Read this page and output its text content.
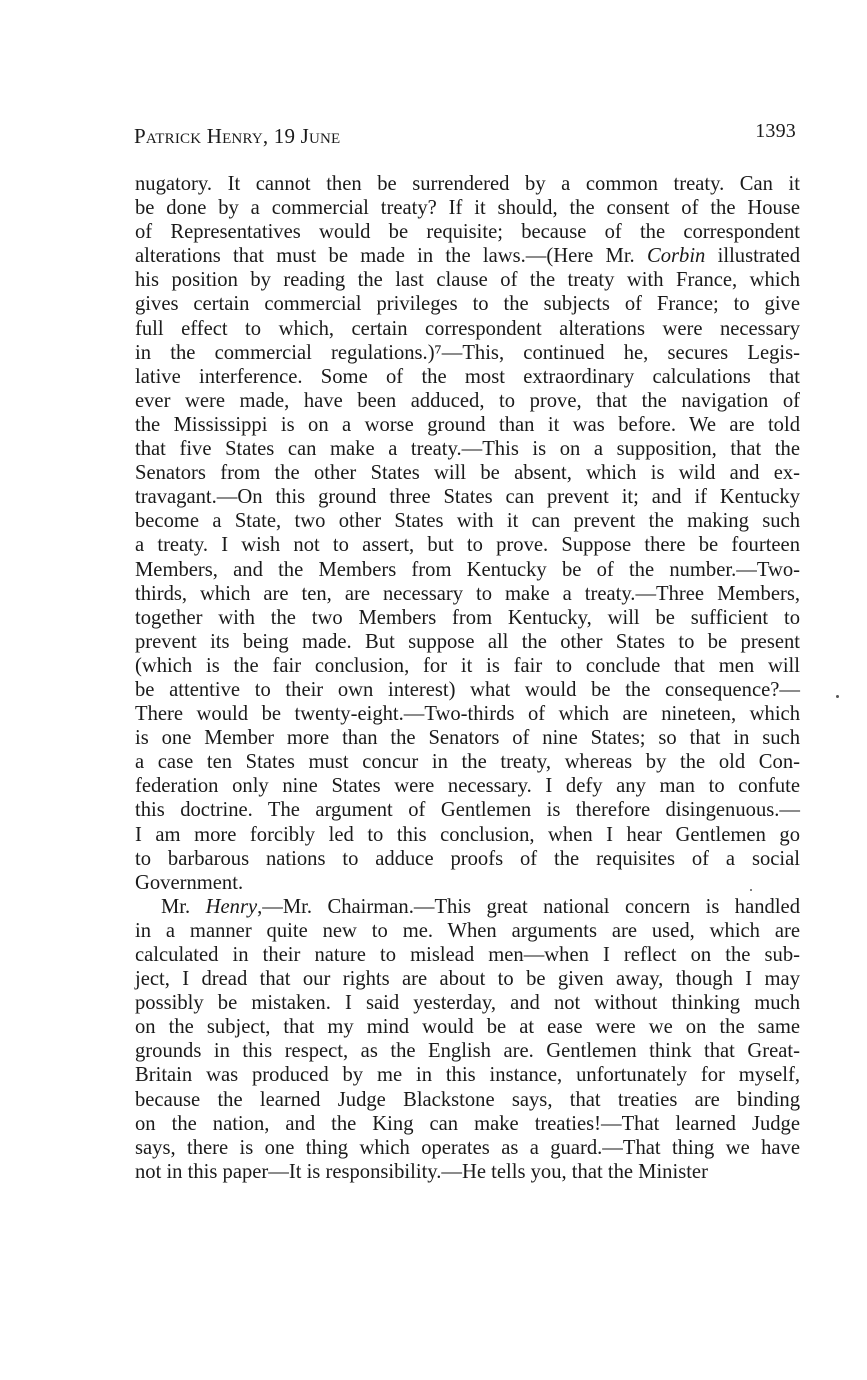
Patrick Henry, 19 June	1393
nugatory. It cannot then be surrendered by a common treaty. Can it
be done by a commercial treaty? If it should, the consent of the House
of Representatives would be requisite; because of the correspondent
alterations that must be made in the laws.—(Here Mr. Corbin illustrated
his position by reading the last clause of the treaty with France, which
gives certain commercial privileges to the subjects of France; to give
full effect to which, certain correspondent alterations were necessary
in the commercial regulations.)⁷—This, continued he, secures Legis-
lative interference. Some of the most extraordinary calculations that
ever were made, have been adduced, to prove, that the navigation of
the Mississippi is on a worse ground than it was before. We are told
that five States can make a treaty.—This is on a supposition, that the
Senators from the other States will be absent, which is wild and ex-
travagant.—On this ground three States can prevent it; and if Kentucky
become a State, two other States with it can prevent the making such
a treaty. I wish not to assert, but to prove. Suppose there be fourteen
Members, and the Members from Kentucky be of the number.—Two-
thirds, which are ten, are necessary to make a treaty.—Three Members,
together with the two Members from Kentucky, will be sufficient to
prevent its being made. But suppose all the other States to be present
(which is the fair conclusion, for it is fair to conclude that men will
be attentive to their own interest) what would be the consequence?—
There would be twenty-eight.—Two-thirds of which are nineteen, which
is one Member more than the Senators of nine States; so that in such
a case ten States must concur in the treaty, whereas by the old Con-
federation only nine States were necessary. I defy any man to confute
this doctrine. The argument of Gentlemen is therefore disingenuous.—
I am more forcibly led to this conclusion, when I hear Gentlemen go
to barbarous nations to adduce proofs of the requisites of a social
Government.
Mr. Henry,—Mr. Chairman.—This great national concern is handled
in a manner quite new to me. When arguments are used, which are
calculated in their nature to mislead men—when I reflect on the sub-
ject, I dread that our rights are about to be given away, though I may
possibly be mistaken. I said yesterday, and not without thinking much
on the subject, that my mind would be at ease were we on the same
grounds in this respect, as the English are. Gentlemen think that Great-
Britain was produced by me in this instance, unfortunately for myself,
because the learned Judge Blackstone says, that treaties are binding
on the nation, and the King can make treaties!—That learned Judge
says, there is one thing which operates as a guard.—That thing we have
not in this paper—It is responsibility.—He tells you, that the Minister
